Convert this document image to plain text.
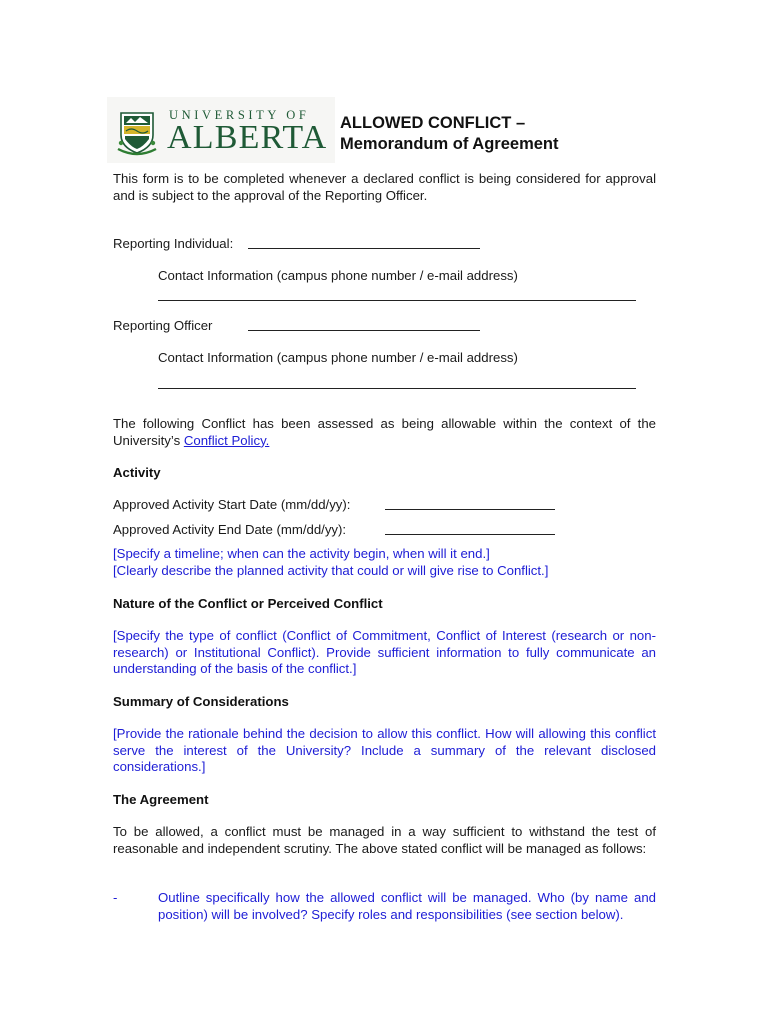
UNIVERSITY OF
ALBERTA ALLOWED CONFLICT –
Memorandum of Agreement
This form is to be completed whenever a declared conflict is being considered for approval and is subject to the approval of the Reporting Officer.
Reporting Individual:
Contact Information (campus phone number / e-mail address)
Reporting Officer
Contact Information (campus phone number / e-mail address)
The following Conflict has been assessed as being allowable within the context of the University’s Conflict Policy.
Activity
Approved Activity Start Date (mm/dd/yy):
Approved Activity End Date (mm/dd/yy):
[Specify a timeline; when can the activity begin, when will it end.]
[Clearly describe the planned activity that could or will give rise to Conflict.]
Nature of the Conflict or Perceived Conflict
[Specify the type of conflict (Conflict of Commitment, Conflict of Interest (research or non-research) or Institutional Conflict). Provide sufficient information to fully communicate an understanding of the basis of the conflict.]
Summary of Considerations
[Provide the rationale behind the decision to allow this conflict. How will allowing this conflict serve the interest of the University? Include a summary of the relevant disclosed considerations.]
The Agreement
To be allowed, a conflict must be managed in a way sufficient to withstand the test of reasonable and independent scrutiny. The above stated conflict will be managed as follows:
-	Outline specifically how the allowed conflict will be managed. Who (by name and position) will be involved? Specify roles and responsibilities (see section below).
